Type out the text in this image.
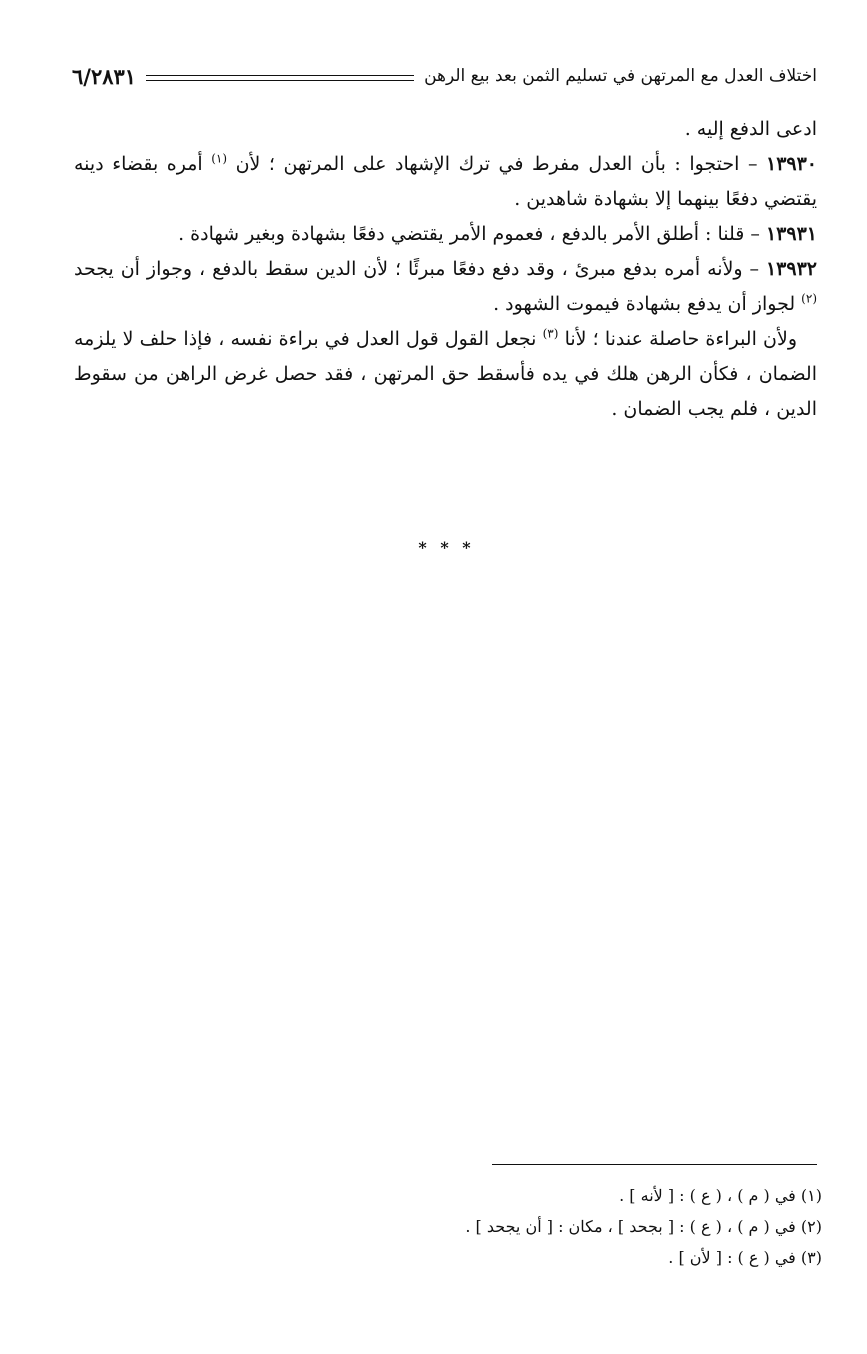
اختلاف العدل مع المرتهن في تسليم الثمن بعد بيع الرهن
٦/٢٨٣١

ادعى الدفع إليه .

١٣٩٣٠ – احتجوا : بأن العدل مفرط في ترك الإشهاد على المرتهن ؛ لأن $^{(١)}$ أمره بقضاء دينه يقتضي دفعًا بينهما إلا بشهادة شاهدين .

١٣٩٣١ – قلنا : أطلق الأمر بالدفع ، فعموم الأمر يقتضي دفعًا بشهادة وبغير شهادة .

١٣٩٣٢ – ولأنه أمره بدفع مبرئ ، وقد دفع دفعًا مبرئًا ؛ لأن الدين سقط بالدفع ، وجواز أن يجحد $^{(٢)}$ لجواز أن يدفع بشهادة فيموت الشهود .

ولأن البراءة حاصلة عندنا ؛ لأنا $^{(٣)}$ نجعل القول قول العدل في براءة نفسه ، فإذا حلف لا يلزمه الضمان ، فكأن الرهن هلك في يده فأسقط حق المرتهن ، فقد حصل غرض الراهن من سقوط الدين ، فلم يجب الضمان .

* * *
(١) في ( م ) ، ( ع ) : [ لأنه ] .
(٢) في ( م ) ، ( ع ) : [ بجحد ] ، مكان : [ أن يجحد ] .
(٣) في ( ع ) : [ لأن ] .
